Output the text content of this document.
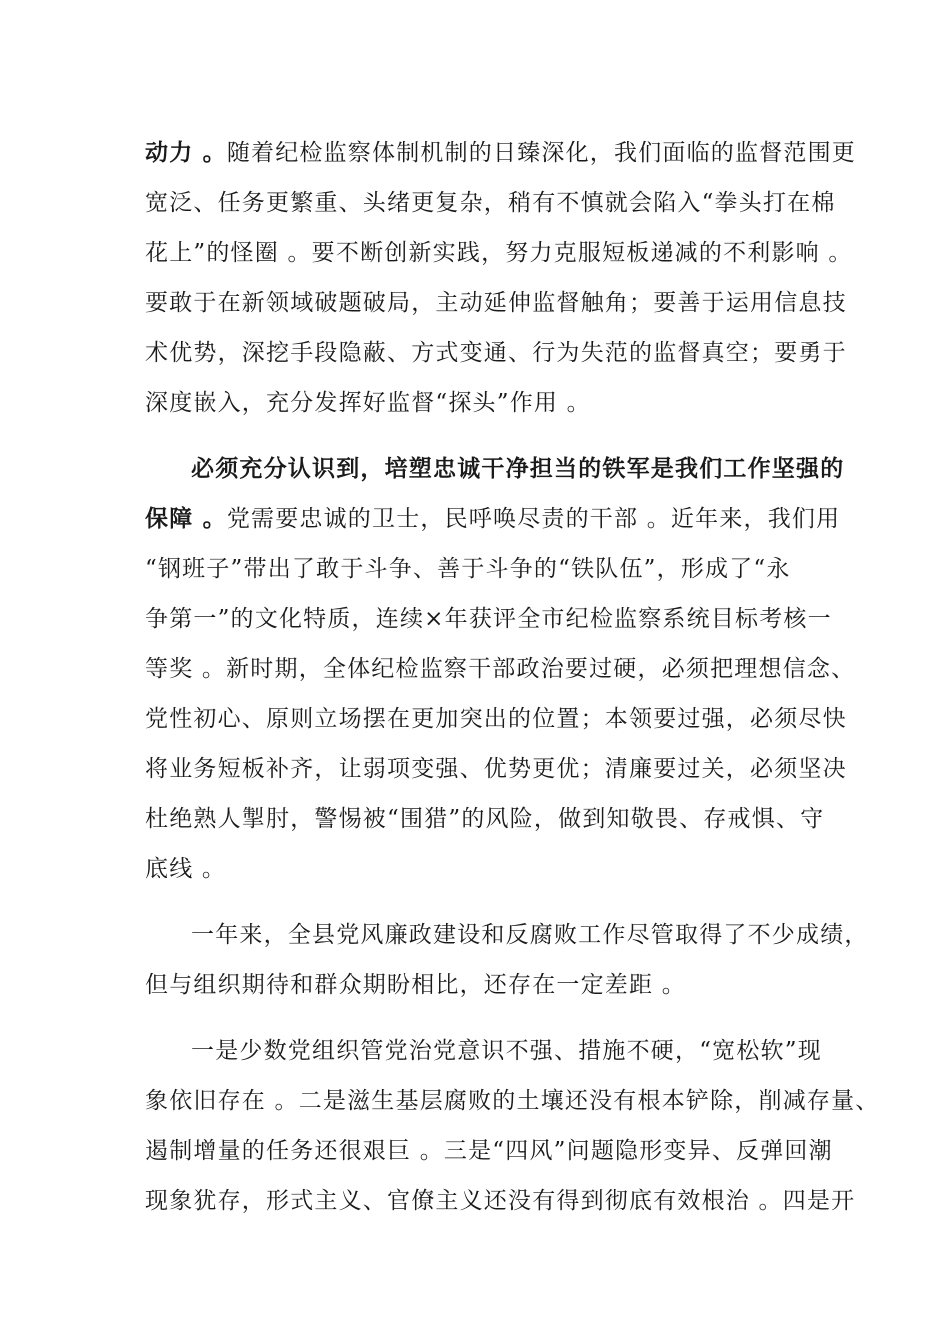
动力 。随着纪检监察体制机制的日臻深化，我们面临的监督范围更
宽泛、任务更繁重、头绪更复杂，稍有不慎就会陷入“拳头打在棉
花上”的怪圈 。要不断创新实践，努力克服短板递减的不利影响 。
要敢于在新领域破题破局，主动延伸监督触角；要善于运用信息技
术优势，深挖手段隐蔽、方式变通、行为失范的监督真空；要勇于
深度嵌入，充分发挥好监督“探头”作用 。
必须充分认识到，培塑忠诚干净担当的铁军是我们工作坚强的
保障 。党需要忠诚的卫士，民呼唤尽责的干部 。近年来，我们用
“钢班子”带出了敢于斗争、善于斗争的“铁队伍”，形成了“永
争第一”的文化特质，连续×年获评全市纪检监察系统目标考核一
等奖 。新时期，全体纪检监察干部政治要过硬，必须把理想信念、
党性初心、原则立场摆在更加突出的位置；本领要过强，必须尽快
将业务短板补齐，让弱项变强、优势更优；清廉要过关，必须坚决
杜绝熟人掣肘，警惕被“围猎”的风险，做到知敬畏、存戒惧、守
底线 。
一年来，全县党风廉政建设和反腐败工作尽管取得了不少成绩，
但与组织期待和群众期盼相比，还存在一定差距 。
一是少数党组织管党治党意识不强、措施不硬，“宽松软”现
象依旧存在 。二是滋生基层腐败的土壤还没有根本铲除，削减存量、
遏制增量的任务还很艰巨 。三是“四风”问题隐形变异、反弹回潮
现象犹存，形式主义、官僚主义还没有得到彻底有效根治 。四是开
